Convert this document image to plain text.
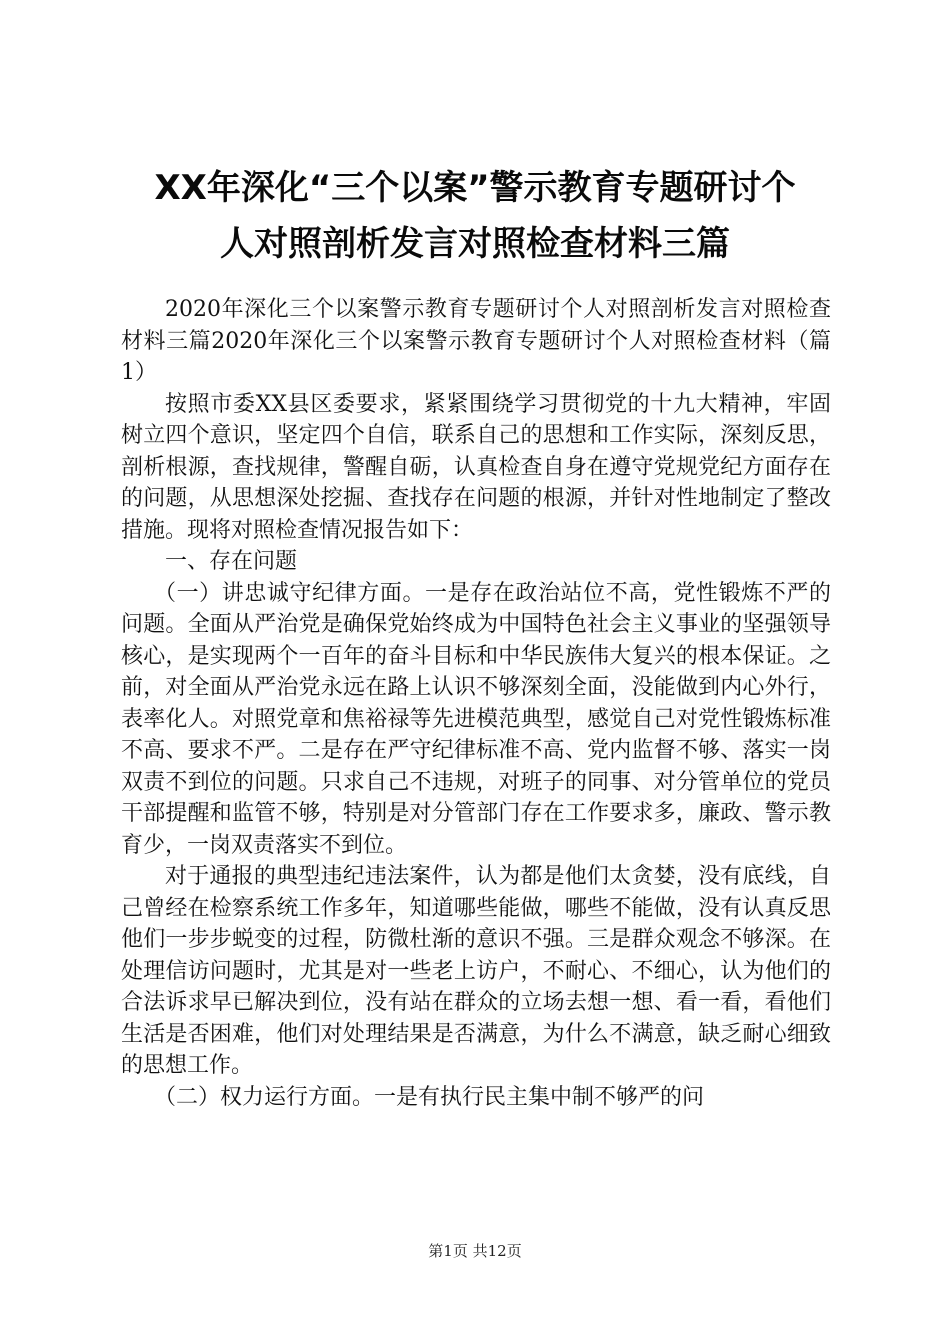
XX年深化“三个以案”警示教育专题研讨个
人对照剖析发言对照检查材料三篇

2020年深化三个以案警示教育专题研讨个人对照剖析发言对照检查材料三篇2020年深化三个以案警示教育专题研讨个人对照检查材料（篇1）

按照市委XX县区委要求，紧紧围绕学习贯彻党的十九大精神，牢固树立四个意识，坚定四个自信，联系自己的思想和工作实际，深刻反思，剖析根源，查找规律，警醒自砺，认真检查自身在遵守党规党纪方面存在的问题，从思想深处挖掘、查找存在问题的根源，并针对性地制定了整改措施。现将对照检查情况报告如下：

一、存在问题

（一）讲忠诚守纪律方面。一是存在政治站位不高，党性锻炼不严的问题。全面从严治党是确保党始终成为中国特色社会主义事业的坚强领导核心，是实现两个一百年的奋斗目标和中华民族伟大复兴的根本保证。之前，对全面从严治党永远在路上认识不够深刻全面，没能做到内心外行，表率化人。对照党章和焦裕禄等先进模范典型，感觉自己对党性锻炼标准不高、要求不严。二是存在严守纪律标准不高、党内监督不够、落实一岗双责不到位的问题。只求自己不违规，对班子的同事、对分管单位的党员干部提醒和监管不够，特别是对分管部门存在工作要求多，廉政、警示教育少，一岗双责落实不到位。

对于通报的典型违纪违法案件，认为都是他们太贪婪，没有底线，自己曾经在检察系统工作多年，知道哪些能做，哪些不能做，没有认真反思他们一步步蜕变的过程，防微杜渐的意识不强。三是群众观念不够深。在处理信访问题时，尤其是对一些老上访户，不耐心、不细心，认为他们的合法诉求早已解决到位，没有站在群众的立场去想一想、看一看，看他们生活是否困难，他们对处理结果是否满意，为什么不满意，缺乏耐心细致的思想工作。

（二）权力运行方面。一是有执行民主集中制不够严的问

第1页 共12页
